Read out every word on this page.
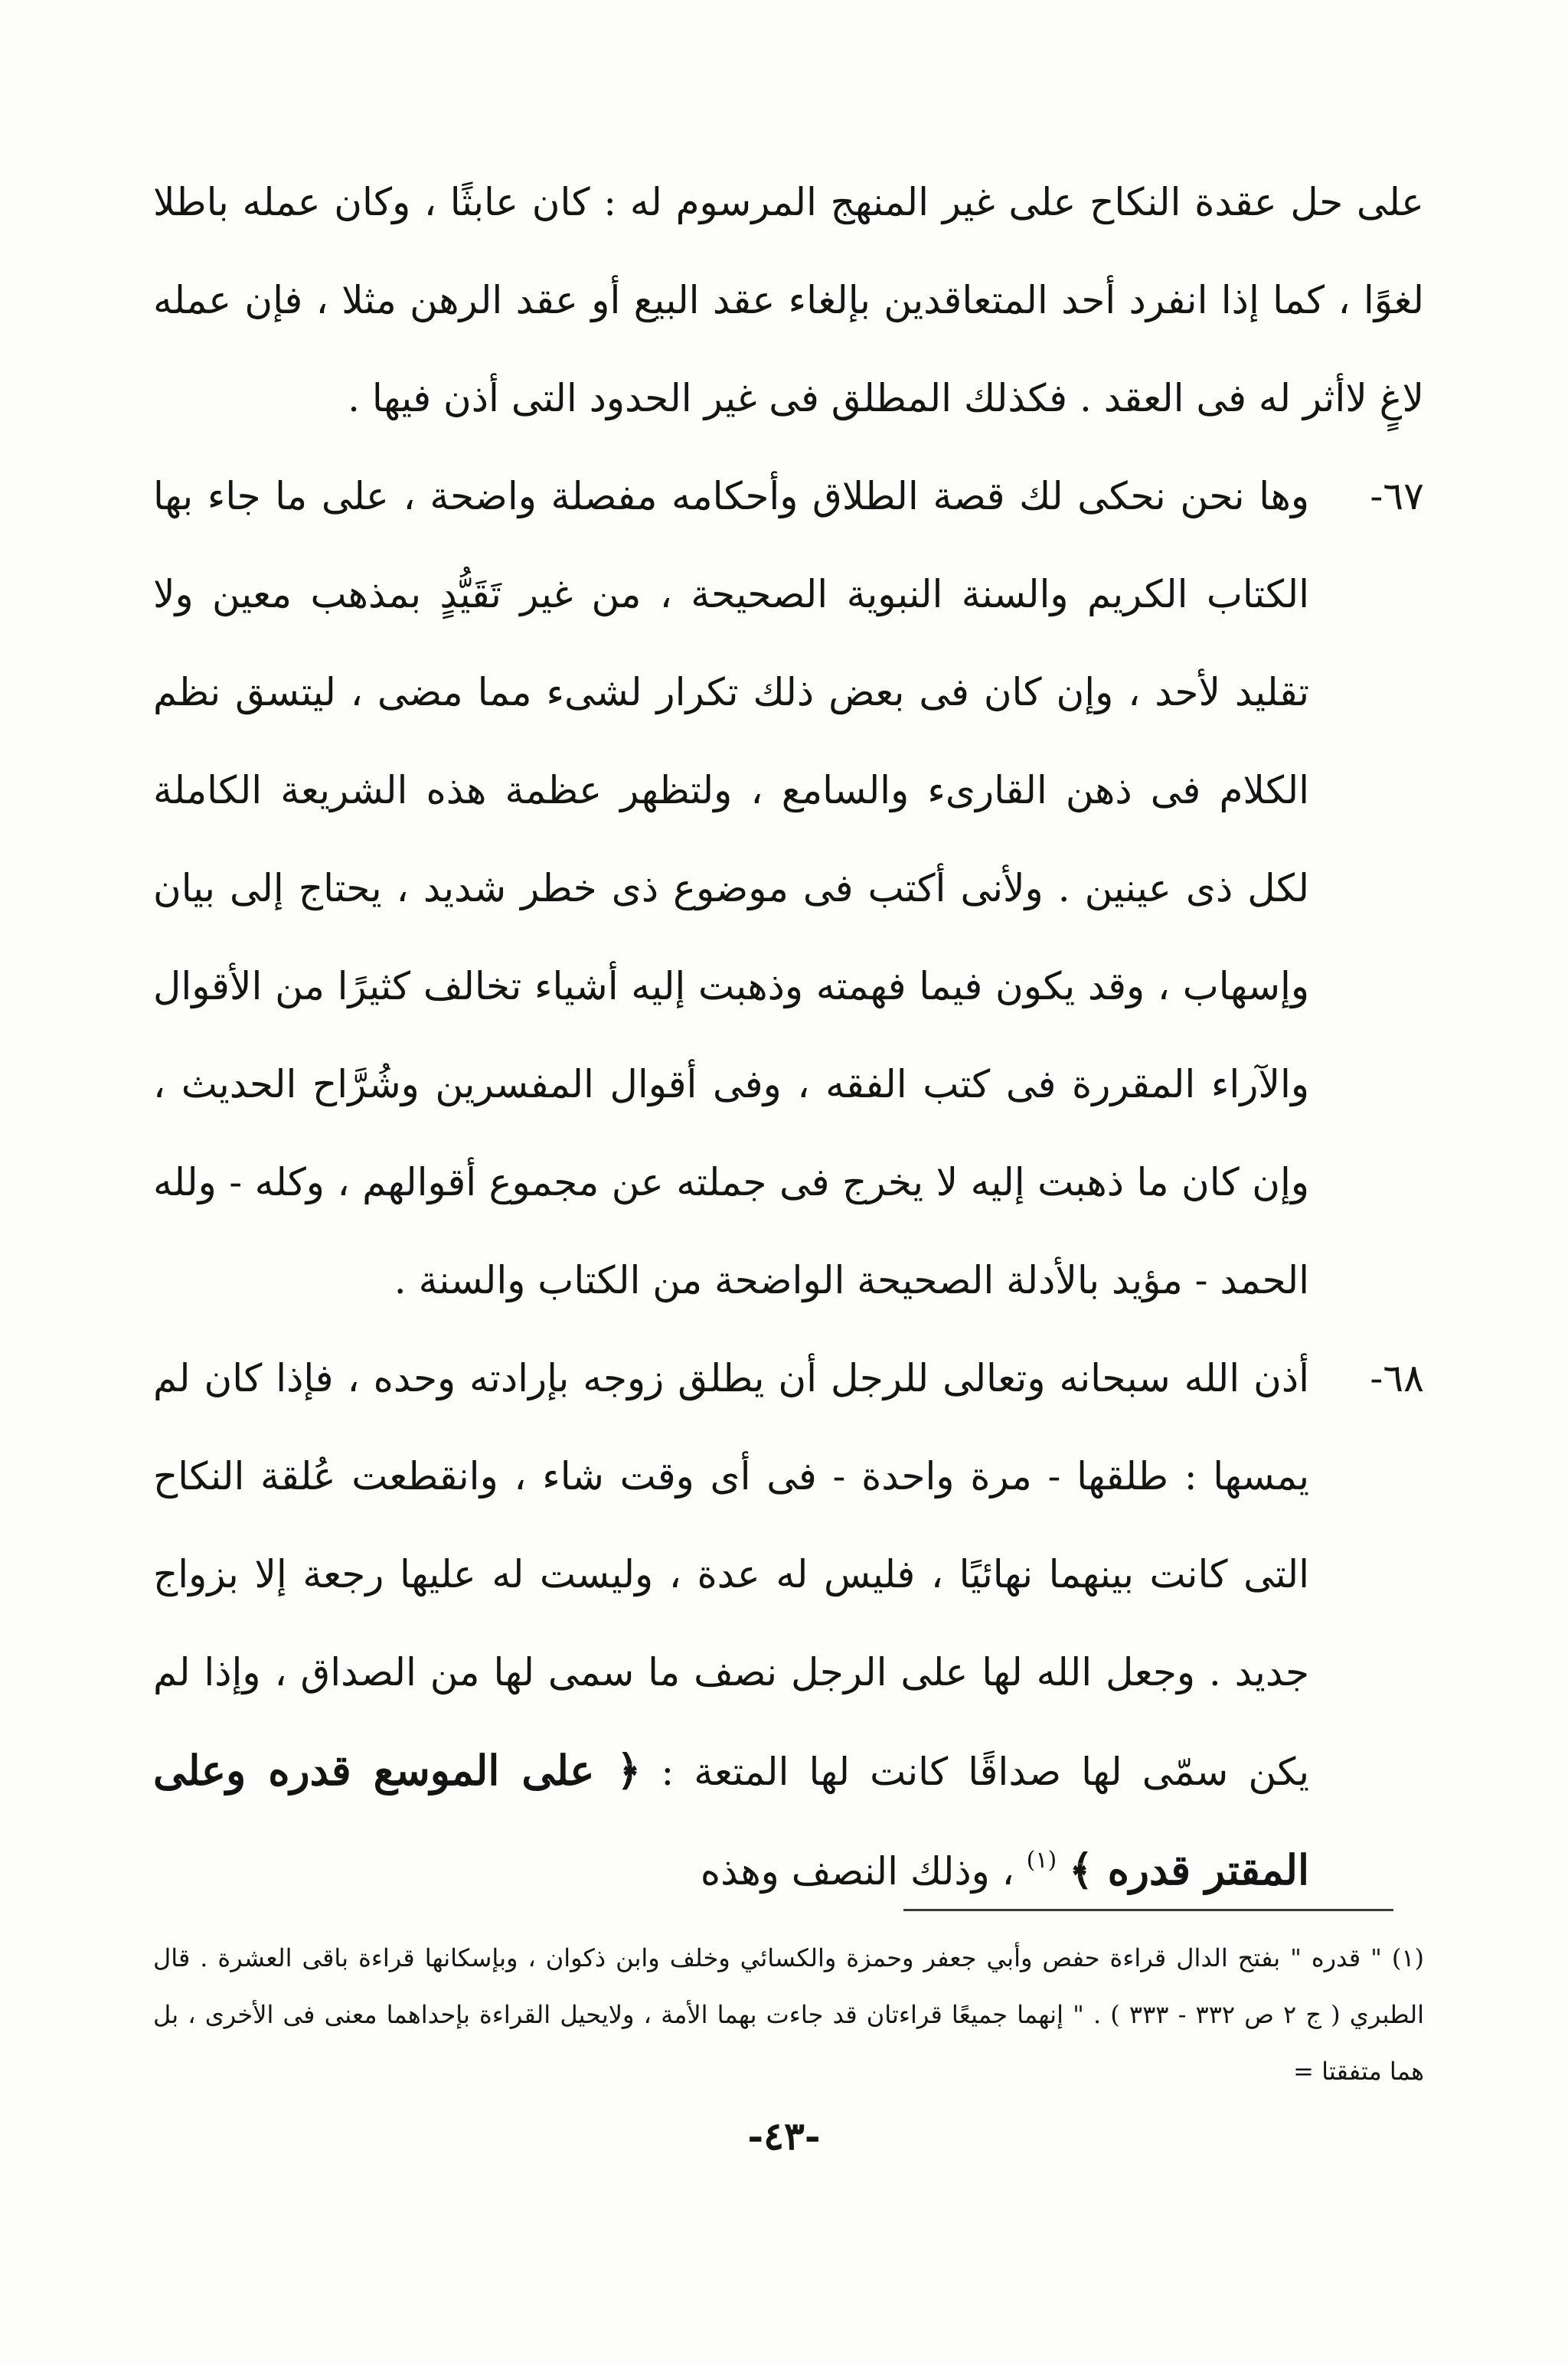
على حل عقدة النكاح على غير المنهج المرسوم له : كان عابثًا ، وكان عمله باطلا لغوًا ، كما إذا انفرد أحد المتعاقدين بإلغاء عقد البيع أو عقد الرهن مثلا ، فإن عمله لاغٍ لاأثر له فى العقد . فكذلك المطلق فى غير الحدود التى أذن فيها .

٦٧-
وها نحن نحكى لك قصة الطلاق وأحكامه مفصلة واضحة ، على ما جاء بها الكتاب الكريم والسنة النبوية الصحيحة ، من غير تَقَيُّدٍ بمذهب معين ولا تقليد لأحد ، وإن كان فى بعض ذلك تكرار لشىء مما مضى ، ليتسق نظم الكلام فى ذهن القارىء والسامع ، ولتظهر عظمة هذه الشريعة الكاملة لكل ذى عينين . ولأنى أكتب فى موضوع ذى خطر شديد ، يحتاج إلى بيان وإسهاب ، وقد يكون فيما فهمته وذهبت إليه أشياء تخالف كثيرًا من الأقوال والآراء المقررة فى كتب الفقه ، وفى أقوال المفسرين وشُرَّاح الحديث ، وإن كان ما ذهبت إليه لا يخرج فى جملته عن مجموع أقوالهم ، وكله - ولله الحمد - مؤيد بالأدلة الصحيحة الواضحة من الكتاب والسنة .

٦٨-
أذن الله سبحانه وتعالى للرجل أن يطلق زوجه بإرادته وحده ، فإذا كان لم يمسها : طلقها - مرة واحدة - فى أى وقت شاء ، وانقطعت عُلقة النكاح التى كانت بينهما نهائيًا ، فليس له عدة ، وليست له عليها رجعة إلا بزواج جديد . وجعل الله لها على الرجل نصف ما سمى لها من الصداق ، وإذا لم يكن سمّى لها صداقًا كانت لها المتعة : ﴿ على الموسع قدره وعلى المقتر قدره ﴾ $^{(١)}$ ، وذلك النصف وهذه

(١) " قدره " بفتح الدال قراءة حفص وأبي جعفر وحمزة والكسائي وخلف وابن ذكوان ، وبإسكانها قراءة باقى العشرة . قال الطبري ( ج ٢ ص ٣٣٢ - ٣٣٣ ) . " إنهما جميعًا قراءتان قد جاءت بهما الأمة ، ولايحيل القراءة بإحداهما معنى فى الأخرى ، بل هما متفقتا =
-٤٣-
